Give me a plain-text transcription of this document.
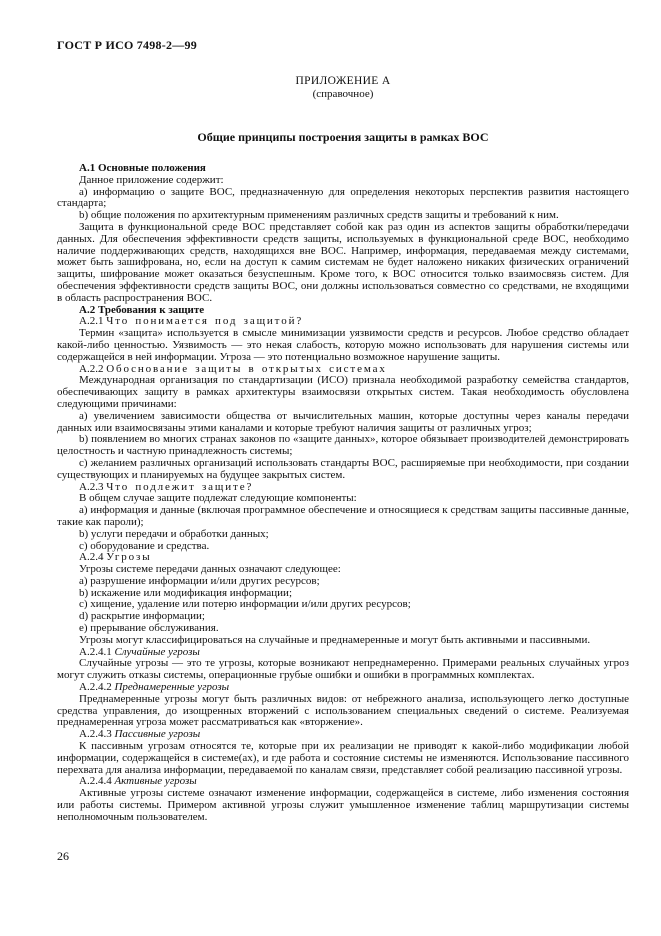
ГОСТ Р ИСО 7498-2—99
ПРИЛОЖЕНИЕ А
(справочное)
Общие принципы построения защиты в рамках ВОС

А.1 Основные положения

Данное приложение содержит:

а) информацию о защите ВОС, предназначенную для определения некоторых перспектив развития настоящего стандарта;

b) общие положения по архитектурным применениям различных средств защиты и требований к ним.

Защита в функциональной среде ВОС представляет собой как раз один из аспектов защиты обработки/передачи данных. Для обеспечения эффективности средств защиты, используемых в функциональной среде ВОС, необходимо наличие поддерживающих средств, находящихся вне ВОС. Например, информация, передаваемая между системами, может быть зашифрована, но, если на доступ к самим системам не будет наложено никаких физических ограничений защиты, шифрование может оказаться безуспешным. Кроме того, к ВОС относится только взаимосвязь систем. Для обеспечения эффективности средств защиты ВОС, они должны использоваться совместно со средствами, не входящими в область распространения ВОС.

А.2 Требования к защите

А.2.1 Что понимается под защитой?

Термин «защита» используется в смысле минимизации уязвимости средств и ресурсов. Любое средство обладает какой-либо ценностью. Уязвимость — это некая слабость, которую можно использовать для нарушения системы или содержащейся в ней информации. Угроза — это потенциально возможное нарушение защиты.

А.2.2 Обоснование защиты в открытых системах

Международная организация по стандартизации (ИСО) признала необходимой разработку семейства стандартов, обеспечивающих защиту в рамках архитектуры взаимосвязи открытых систем. Такая необходимость обусловлена следующими причинами:

а) увеличением зависимости общества от вычислительных машин, которые доступны через каналы передачи данных или взаимосвязаны этими каналами и которые требуют наличия защиты от различных угроз;

b) появлением во многих странах законов по «защите данных», которое обязывает производителей демонстрировать целостность и частную принадлежность системы;

c) желанием различных организаций использовать стандарты ВОС, расширяемые при необходимости, при создании существующих и планируемых на будущее закрытых систем.

А.2.3 Что подлежит защите?

В общем случае защите подлежат следующие компоненты:

а) информация и данные (включая программное обеспечение и относящиеся к средствам защиты пассивные данные, такие как пароли);

b) услуги передачи и обработки данных;

c) оборудование и средства.

А.2.4 Угрозы

Угрозы системе передачи данных означают следующее:

а) разрушение информации и/или других ресурсов;

b) искажение или модификация информации;

c) хищение, удаление или потерю информации и/или других ресурсов;

d) раскрытие информации;

е) прерывание обслуживания.

Угрозы могут классифицироваться на случайные и преднамеренные и могут быть активными и пассивными.

А.2.4.1 Случайные угрозы

Случайные угрозы — это те угрозы, которые возникают непреднамеренно. Примерами реальных случайных угроз могут служить отказы системы, операционные грубые ошибки и ошибки в программных комплектах.

А.2.4.2 Преднамеренные угрозы

Преднамеренные угрозы могут быть различных видов: от небрежного анализа, использующего легко доступные средства управления, до изощренных вторжений с использованием специальных сведений о системе. Реализуемая преднамеренная угроза может рассматриваться как «вторжение».

А.2.4.3 Пассивные угрозы

К пассивным угрозам относятся те, которые при их реализации не приводят к какой-либо модификации любой информации, содержащейся в системе(ах), и где работа и состояние системы не изменяются. Использование пассивного перехвата для анализа информации, передаваемой по каналам связи, представляет собой реализацию пассивной угрозы.

А.2.4.4 Активные угрозы

Активные угрозы системе означают изменение информации, содержащейся в системе, либо изменения состояния или работы системы. Примером активной угрозы служит умышленное изменение таблиц маршрутизации системы неполномочным пользователем.

26
